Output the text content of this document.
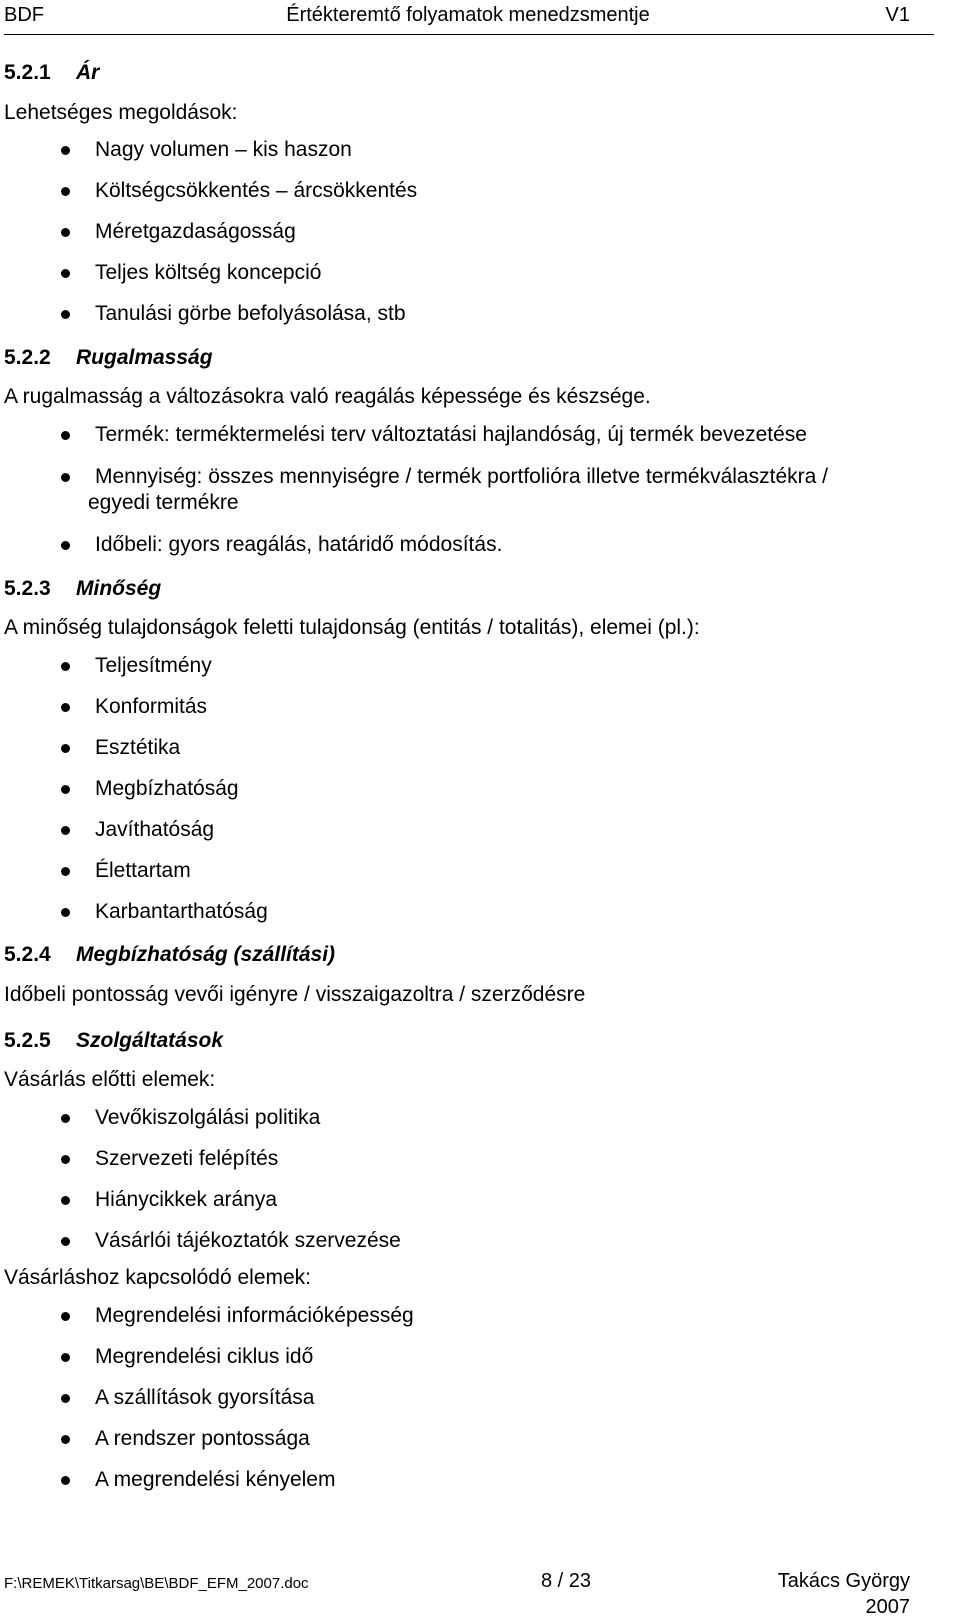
BDF	Értékteremtő folyamatok menedzsmentje	V1
5.2.1 Ár
Lehetséges megoldások:
Nagy volumen – kis haszon
Költségcsökkentés – árcsökkentés
Méretgazdaságosság
Teljes költség koncepció
Tanulási görbe befolyásolása, stb
5.2.2 Rugalmasság
A rugalmasság a változásokra való reagálás képessége és készsége.
Termék: terméktermelési terv változtatási hajlandóság, új termék bevezetése
Mennyiség: összes mennyiségre / termék portfolióra illetve termékválasztékra /
egyedi termékre
Időbeli: gyors reagálás, határidő módosítás.
5.2.3 Minőség
A minőség tulajdonságok feletti tulajdonság (entitás / totalitás), elemei (pl.):
Teljesítmény
Konformitás
Esztétika
Megbízhatóság
Javíthatóság
Élettartam
Karbantarthatóság
5.2.4 Megbízhatóság (szállítási)
Időbeli pontosság vevői igényre / visszaigazoltra / szerződésre
5.2.5 Szolgáltatások
Vásárlás előtti elemek:
Vevőkiszolgálási politika
Szervezeti felépítés
Hiánycikkek aránya
Vásárlói tájékoztatók szervezése
Vásárláshoz kapcsolódó elemek:
Megrendelési információképesség
Megrendelési ciklus idő
A szállítások gyorsítása
A rendszer pontossága
A megrendelési kényelem
F:\REMEK\Titkarsag\BE\BDF_EFM_2007.doc	8 / 23	Takács György
2007
